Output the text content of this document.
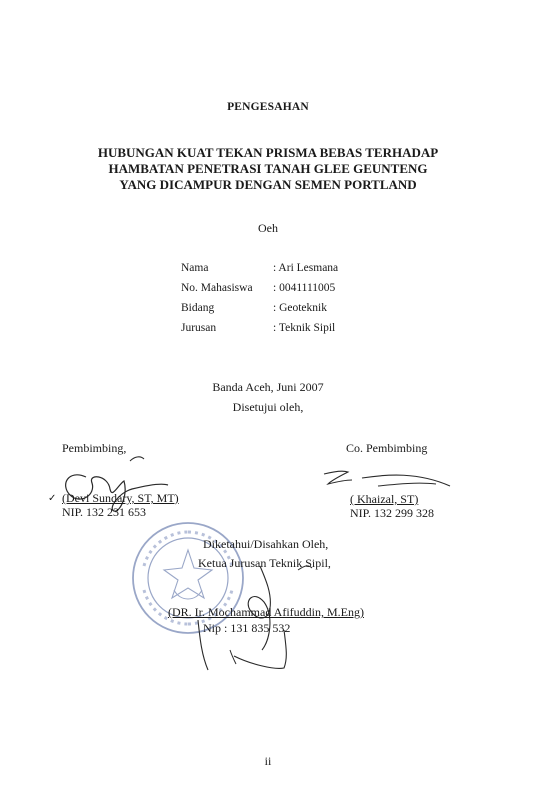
PENGESAHAN
HUBUNGAN KUAT TEKAN PRISMA BEBAS TERHADAP
HAMBATAN PENETRASI TANAH GLEE GEUNTENG
YANG DICAMPUR DENGAN SEMEN PORTLAND
Oeh
Nama	: Ari Lesmana
No. Mahasiswa : 0041111005
Bidang	: Geoteknik
Jurusan	: Teknik Sipil
Banda Aceh, Juni 2007
Disetujui oleh,
Pembimbing,
✓ (Devi Sundary, ST, MT)
NIP. 132 231 653
Co. Pembimbing
( Khaizal, ST)
NIP. 132 299 328
Diketahui/Disahkan Oleh,
Ketua Jurusan Teknik Sipil,
(DR. Ir. Mochammad Afifuddin, M.Eng)
Nip : 131 835 532
ii
